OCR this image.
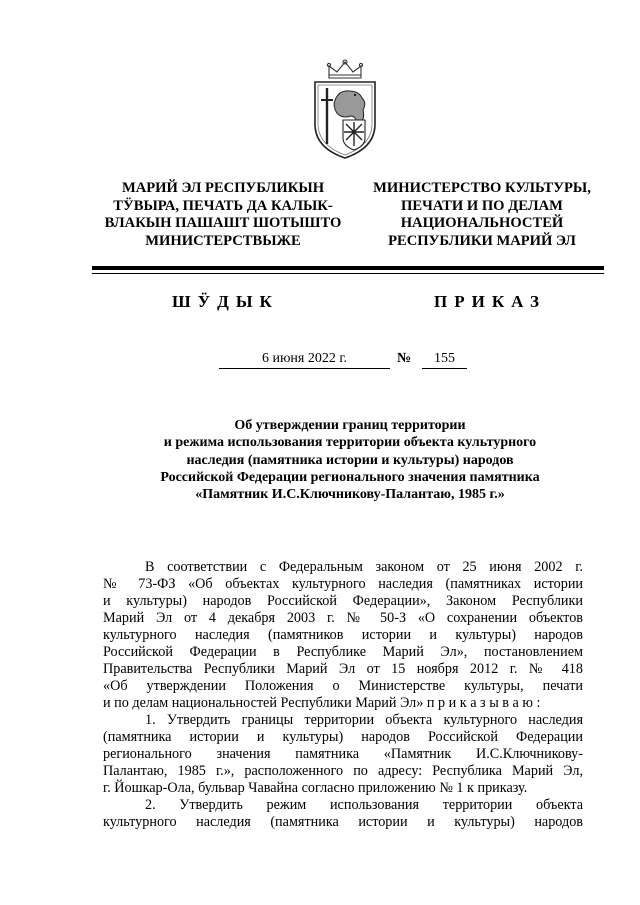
МАРИЙ ЭЛ РЕСПУБЛИКЫН
ТӰВЫРА, ПЕЧАТЬ ДА КАЛЫК-
ВЛАКЫН ПАШАШТ ШОТЫШТО
МИНИСТЕРСТВЫЖЕ
МИНИСТЕРСТВО КУЛЬТУРЫ,
ПЕЧАТИ И ПО ДЕЛАМ
НАЦИОНАЛЬНОСТЕЙ
РЕСПУБЛИКИ МАРИЙ ЭЛ
ШӰДЫК	ПРИКАЗ
6 июня 2022 г.	№	155
Об утверждении границ территории
и режима использования территории объекта культурного
наследия (памятника истории и культуры) народов
Российской Федерации регионального значения памятника
«Памятник И.С.Ключникову-Палантаю, 1985 г.»
В соответствии с Федеральным законом от 25 июня 2002 г.
№ 73-ФЗ «Об объектах культурного наследия (памятниках истории
и культуры) народов Российской Федерации», Законом Республики
Марий Эл от 4 декабря 2003 г. № 50-З «О сохранении объектов
культурного наследия (памятников истории и культуры) народов
Российской Федерации в Республике Марий Эл», постановлением
Правительства Республики Марий Эл от 15 ноября 2012 г. № 418
«Об утверждении Положения о Министерстве культуры, печати
и по делам национальностей Республики Марий Эл» п р и к а з ы в а ю :
1. Утвердить границы территории объекта культурного наследия
(памятника истории и культуры) народов Российской Федерации
регионального значения памятника «Памятник И.С.Ключникову-
Палантаю, 1985 г.», расположенного по адресу: Республика Марий Эл,
г. Йошкар-Ола, бульвар Чавайна согласно приложению № 1 к приказу.
2. Утвердить режим использования территории объекта
культурного наследия (памятника истории и культуры) народов
